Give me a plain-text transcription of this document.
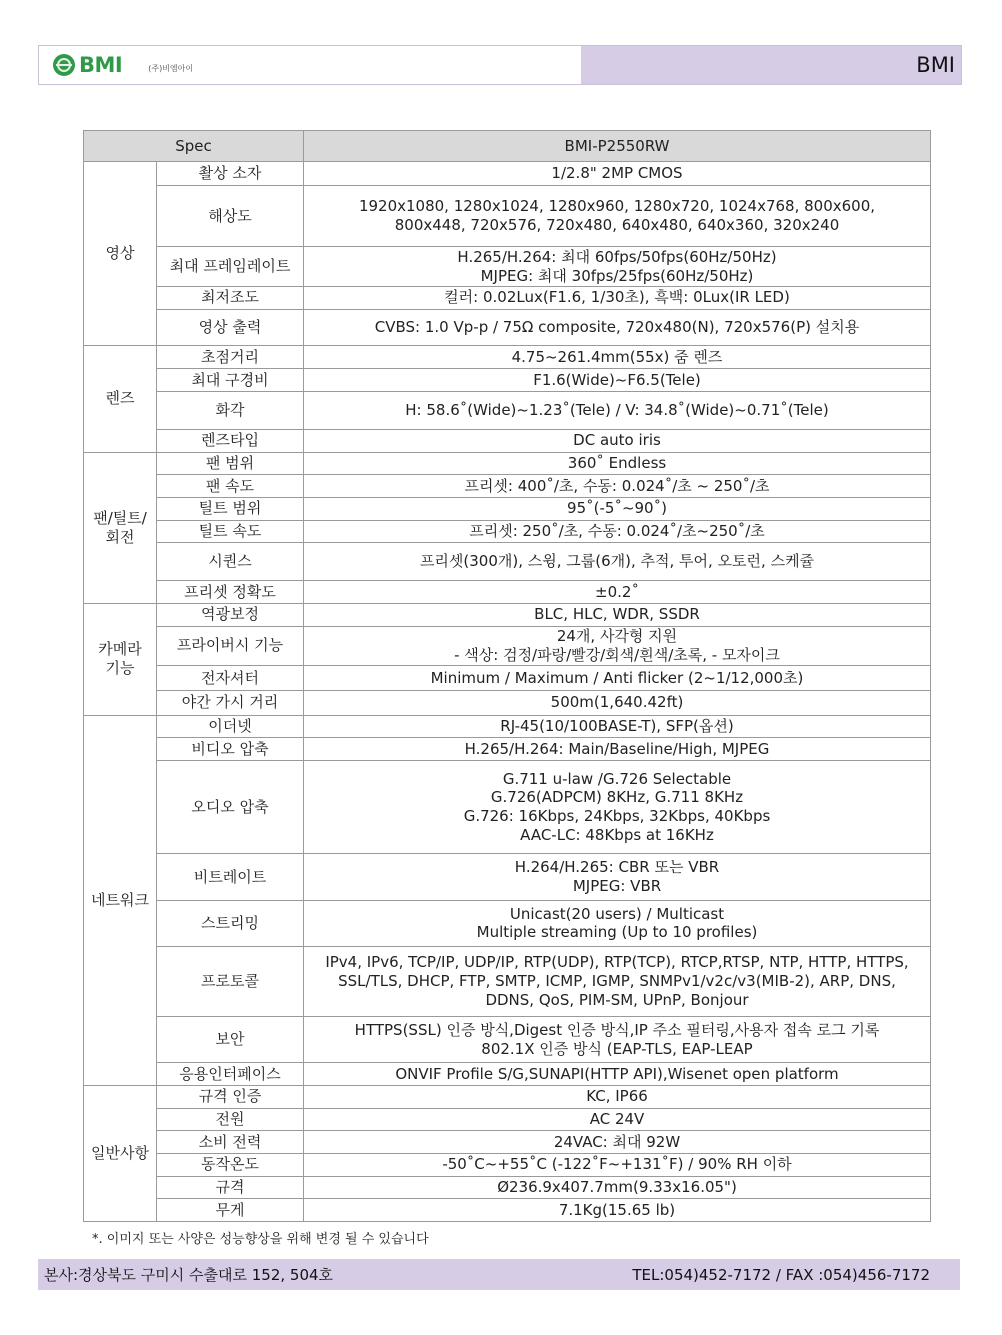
BMI	(주)비엠아이	BMI
Spec		BMI-P2550RW
영상	촬상 소자	1/2.8" 2MP CMOS
	해상도	1920x1080, 1280x1024, 1280x960, 1280x720, 1024x768, 800x600,
800x448, 720x576, 720x480, 640x480, 640x360, 320x240
	최대 프레임레이트	H.265/H.264: 최대 60fps/50fps(60Hz/50Hz)
MJPEG: 최대 30fps/25fps(60Hz/50Hz)
	최저조도	컬러: 0.02Lux(F1.6, 1/30초), 흑백: 0Lux(IR LED)
	영상 출력	CVBS: 1.0 Vp-p / 75Ω composite, 720x480(N), 720x576(P) 설치용
렌즈	초점거리	4.75~261.4mm(55x) 줌 렌즈
	최대 구경비	F1.6(Wide)~F6.5(Tele)
	화각	H: 58.6˚(Wide)~1.23˚(Tele) / V: 34.8˚(Wide)~0.71˚(Tele)
	렌즈타입	DC auto iris
팬/틸트/
회전	팬 범위	360˚ Endless
	팬 속도	프리셋: 400˚/초, 수동: 0.024˚/초 ~ 250˚/초
	틸트 범위	95˚(-5˚~90˚)
	틸트 속도	프리셋: 250˚/초, 수동: 0.024˚/초~250˚/초
	시퀀스	프리셋(300개), 스윙, 그룹(6개), 추적, 투어, 오토런, 스케쥴
	프리셋 정확도	±0.2˚
카메라
기능	역광보정	BLC, HLC, WDR, SSDR
	프라이버시 기능	24개, 사각형 지원
- 색상: 검정/파랑/빨강/회색/흰색/초록, - 모자이크
	전자셔터	Minimum / Maximum / Anti flicker (2~1/12,000초)
	야간 가시 거리	500m(1,640.42ft)
네트워크	이더넷	RJ-45(10/100BASE-T), SFP(옵션)
	비디오 압축	H.265/H.264: Main/Baseline/High, MJPEG
	오디오 압축	G.711 u-law /G.726 Selectable
G.726(ADPCM) 8KHz, G.711 8KHz
G.726: 16Kbps, 24Kbps, 32Kbps, 40Kbps
AAC-LC: 48Kbps at 16KHz
	비트레이트	H.264/H.265: CBR 또는 VBR
MJPEG: VBR
	스트리밍	Unicast(20 users) / Multicast
Multiple streaming (Up to 10 profiles)
	프로토콜	IPv4, IPv6, TCP/IP, UDP/IP, RTP(UDP), RTP(TCP), RTCP,RTSP, NTP, HTTP, HTTPS,
SSL/TLS, DHCP, FTP, SMTP, ICMP, IGMP, SNMPv1/v2c/v3(MIB-2), ARP, DNS,
DDNS, QoS, PIM-SM, UPnP, Bonjour
	보안	HTTPS(SSL) 인증 방식,Digest 인증 방식,IP 주소 필터링,사용자 접속 로그 기록
802.1X 인증 방식 (EAP-TLS, EAP-LEAP
	응용인터페이스	ONVIF Profile S/G,SUNAPI(HTTP API),Wisenet open platform
일반사항	규격 인증	KC, IP66
	전원	AC 24V
	소비 전력	24VAC: 최대 92W
	동작온도	-50˚C~+55˚C (-122˚F~+131˚F) / 90% RH 이하
	규격	Ø236.9x407.7mm(9.33x16.05")
	무게	7.1Kg(15.65 lb)
*. 이미지 또는 사양은 성능향상을 위해 변경 될 수 있습니다
본사:경상북도 구미시 수출대로 152, 504호	TEL:054)452-7172 / FAX :054)456-7172
